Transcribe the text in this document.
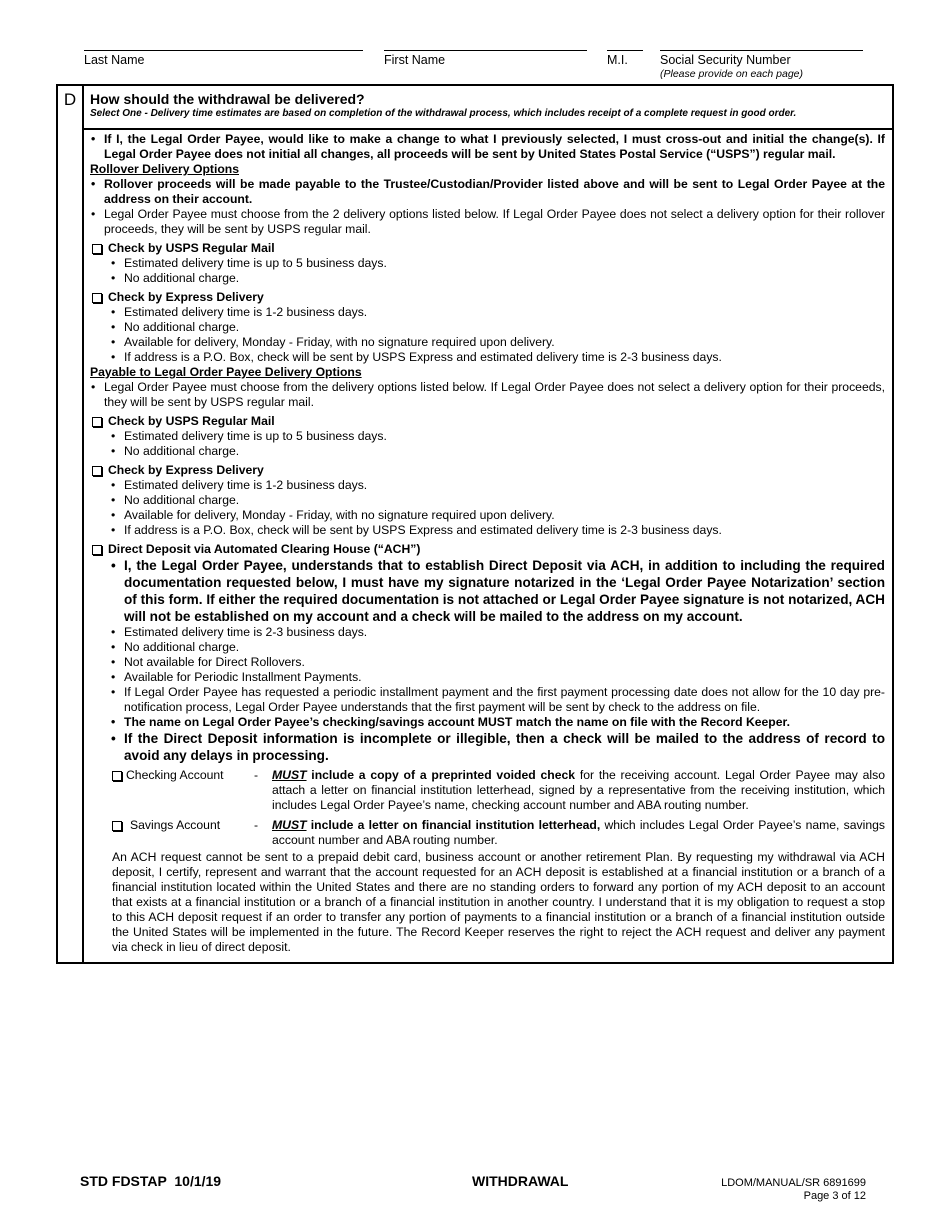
Last Name	First Name	M.I.	Social Security Number
(Please provide on each page)
D How should the withdrawal be delivered?
Select One - Delivery time estimates are based on completion of the withdrawal process, which includes receipt of a complete request in good order.
• If I, the Legal Order Payee, would like to make a change to what I previously selected, I must cross-out and initial the change(s). If Legal Order Payee does not initial all changes, all proceeds will be sent by United States Postal Service (“USPS”) regular mail.
Rollover Delivery Options
• Rollover proceeds will be made payable to the Trustee/Custodian/Provider listed above and will be sent to Legal Order Payee at the address on their account.
• Legal Order Payee must choose from the 2 delivery options listed below. If Legal Order Payee does not select a delivery option for their rollover proceeds, they will be sent by USPS regular mail.
Check by USPS Regular Mail
• Estimated delivery time is up to 5 business days.
• No additional charge.
Check by Express Delivery
• Estimated delivery time is 1-2 business days.
• No additional charge.
• Available for delivery, Monday - Friday, with no signature required upon delivery.
• If address is a P.O. Box, check will be sent by USPS Express and estimated delivery time is 2-3 business days.
Payable to Legal Order Payee Delivery Options
• Legal Order Payee must choose from the delivery options listed below. If Legal Order Payee does not select a delivery option for their proceeds, they will be sent by USPS regular mail.
Check by USPS Regular Mail
• Estimated delivery time is up to 5 business days.
• No additional charge.
Check by Express Delivery
• Estimated delivery time is 1-2 business days.
• No additional charge.
• Available for delivery, Monday - Friday, with no signature required upon delivery.
• If address is a P.O. Box, check will be sent by USPS Express and estimated delivery time is 2-3 business days.
Direct Deposit via Automated Clearing House (“ACH”)
• I, the Legal Order Payee, understands that to establish Direct Deposit via ACH, in addition to including the required documentation requested below, I must have my signature notarized in the ‘Legal Order Payee Notarization’ section of this form. If either the required documentation is not attached or Legal Order Payee signature is not notarized, ACH will not be established on my account and a check will be mailed to the address on my account.
• Estimated delivery time is 2-3 business days.
• No additional charge.
• Not available for Direct Rollovers.
• Available for Periodic Installment Payments.
• If Legal Order Payee has requested a periodic installment payment and the first payment processing date does not allow for the 10 day pre-notification process, Legal Order Payee understands that the first payment will be sent by check to the address on file.
• The name on Legal Order Payee’s checking/savings account MUST match the name on file with the Record Keeper.
• If the Direct Deposit information is incomplete or illegible, then a check will be mailed to the address of record to avoid any delays in processing.
Checking Account	-	MUST include a copy of a preprinted voided check for the receiving account. Legal Order Payee may also attach a letter on financial institution letterhead, signed by a representative from the receiving institution, which includes Legal Order Payee’s name, checking account number and ABA routing number.
Savings Account	-	MUST include a letter on financial institution letterhead, which includes Legal Order Payee’s name, savings account number and ABA routing number.
An ACH request cannot be sent to a prepaid debit card, business account or another retirement Plan. By requesting my withdrawal via ACH deposit, I certify, represent and warrant that the account requested for an ACH deposit is established at a financial institution or a branch of a financial institution located within the United States and there are no standing orders to forward any portion of my ACH deposit to an account that exists at a financial institution or a branch of a financial institution in another country. I understand that it is my obligation to request a stop to this ACH deposit request if an order to transfer any portion of payments to a financial institution or a branch of a financial institution outside the United States will be implemented in the future. The Record Keeper reserves the right to reject the ACH request and deliver any payment via check in lieu of direct deposit.
STD FDSTAP  10/1/19	WITHDRAWAL	LDOM/MANUAL/SR 6891699
Page 3 of 12
